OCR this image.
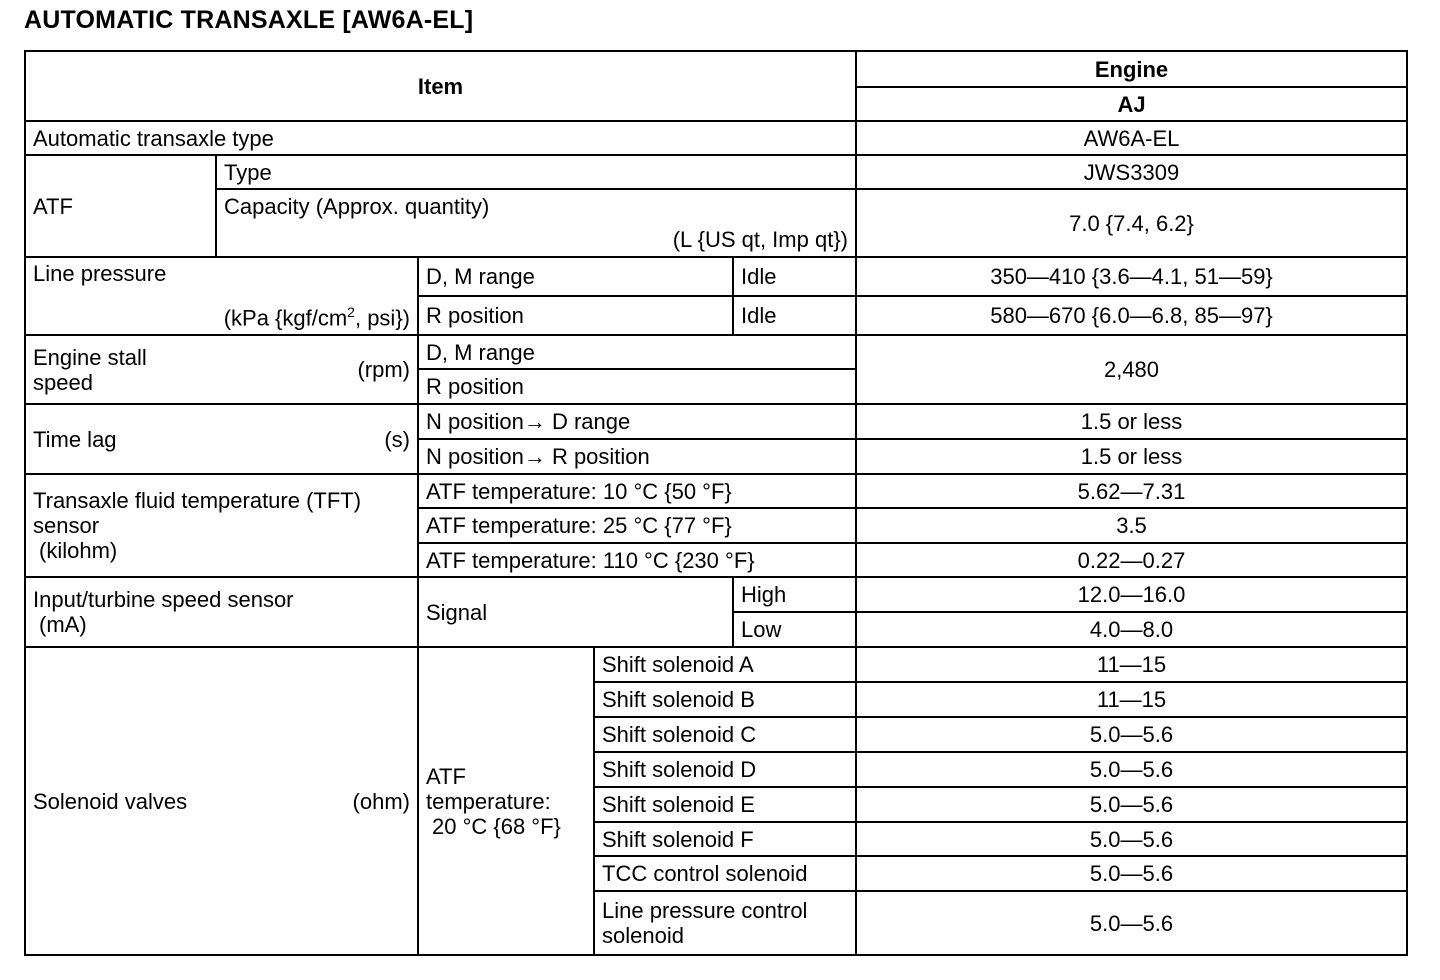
AUTOMATIC TRANSAXLE [AW6A-EL]
Item					Engine
					AJ
Automatic transaxle type					AW6A-EL
ATF	Type				JWS3309

	Capacity (Approx. quantity)
(L {US qt, Imp qt})				7.0 {7.4, 6.2}

Line pressure
(kPa {$kgf/cm^2$, psi})		D, M range		Idle	350—410 {3.6—4.1, 51—59}
		R position		Idle	580—670 {6.0—6.8, 85—97}

Engine stall
speed (rpm)		D, M range			2,480
		R position			

Time lag (s)		N position→ D range			1.5 or less
		N position→ R position			1.5 or less

Transaxle fluid temperature (TFT)
sensor
(kilohm)		ATF temperature: 10 °C {50 °F}			5.62—7.31
		ATF temperature: 25 °C {77 °F}			3.5
		ATF temperature: 110 °C {230 °F}			0.22—0.27

Input/turbine speed sensor
(mA)		Signal		High	12.0—16.0
				Low	4.0—8.0

Solenoid valves (ohm)		ATF
temperature:
20 °C {68 °F}	Shift solenoid A		11—15
			Shift solenoid B		11—15
			Shift solenoid C		5.0—5.6
			Shift solenoid D		5.0—5.6
			Shift solenoid E		5.0—5.6
			Shift solenoid F		5.0—5.6
			TCC control solenoid		5.0—5.6

			Line pressure control
solenoid		5.0—5.6
